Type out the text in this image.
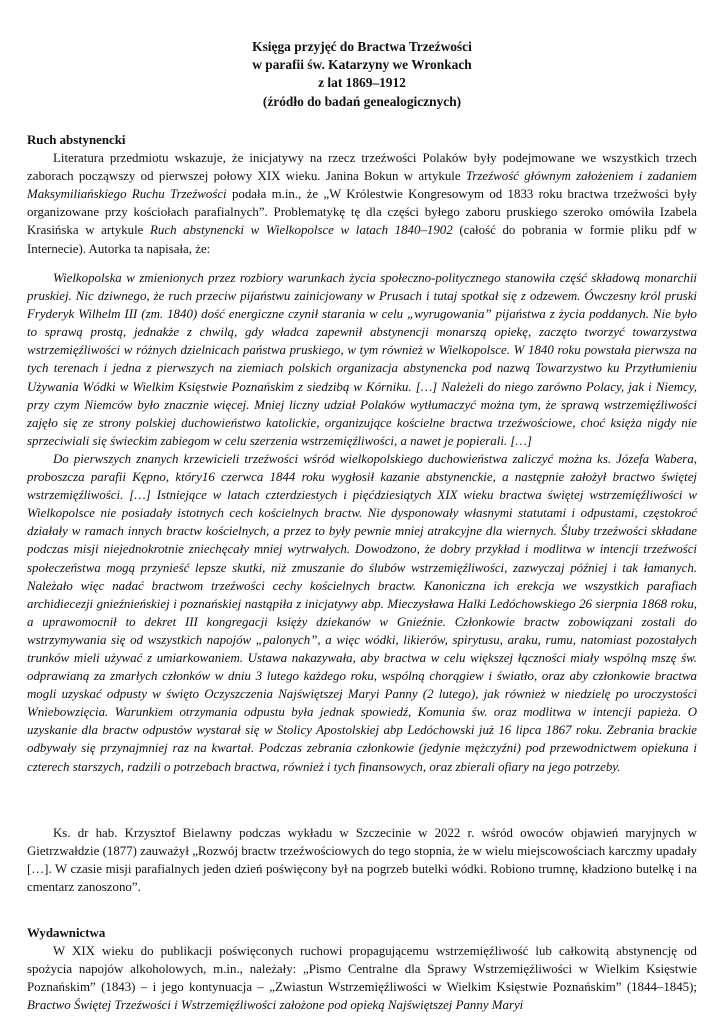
Księga przyjęć do Bractwa Trzeźwości
w parafii św. Katarzyny we Wronkach
z lat 1869–1912
(źródło do badań genealogicznych)
Ruch abstynencki
Literatura przedmiotu wskazuje, że inicjatywy na rzecz trzeźwości Polaków były podejmowane we wszystkich trzech zaborach począwszy od pierwszej połowy XIX wieku. Janina Bokun w artykule Trzeźwość głównym założeniem i zadaniem Maksymiliańskiego Ruchu Trzeźwości podała m.in., że „W Królestwie Kongresowym od 1833 roku bractwa trzeźwości były organizowane przy kościołach parafialnych”. Problematykę tę dla części byłego zaboru pruskiego szeroko omówiła Izabela Krasińska w artykule Ruch abstynencki w Wielkopolsce w latach 1840–1902 (całość do pobrania w formie pliku pdf w Internecie). Autorka ta napisała, że:
Wielkopolska w zmienionych przez rozbiory warunkach życia społeczno-politycznego stanowiła część składową monarchii pruskiej. Nic dziwnego, że ruch przeciw pijaństwu zainicjowany w Prusach i tutaj spotkał się z odzewem. Ówczesny król pruski Fryderyk Wilhelm III (zm. 1840) dość energiczne czynił starania w celu „wyrugowania” pijaństwa z życia poddanych. Nie było to sprawą prostą, jednakże z chwilą, gdy władca zapewnił abstynencji monarszą opiekę, zaczęto tworzyć towarzystwa wstrzemięźliwości w różnych dzielnicach państwa pruskiego, w tym również w Wielkopolsce. W 1840 roku powstała pierwsza na tych terenach i jedna z pierwszych na ziemiach polskich organizacja abstynencka pod nazwą Towarzystwo ku Przytłumieniu Używania Wódki w Wielkim Księstwie Poznańskim z siedzibą w Kórniku. […] Należeli do niego zarówno Polacy, jak i Niemcy, przy czym Niemców było znacznie więcej. Mniej liczny udział Polaków wytłumaczyć można tym, że sprawą wstrzemięźliwości zajęło się ze strony polskiej duchowieństwo katolickie, organizujące kościelne bractwa trzeźwościowe, choć księża nigdy nie sprzeciwiali się świeckim zabiegom w celu szerzenia wstrzemięźliwości, a nawet je popierali. […]
Do pierwszych znanych krzewicieli trzeźwości wśród wielkopolskiego duchowieństwa zaliczyć można ks. Józefa Wabera, proboszcza parafii Kępno, który16 czerwca 1844 roku wygłosił kazanie abstynenckie, a następnie założył bractwo świętej wstrzemięźliwości. […] Istniejące w latach czterdziestych i pięćdziesiątych XIX wieku bractwa świętej wstrzemięźliwości w Wielkopolsce nie posiadały istotnych cech kościelnych bractw. Nie dysponowały własnymi statutami i odpustami, częstokroć działały w ramach innych bractw kościelnych, a przez to były pewnie mniej atrakcyjne dla wiernych. Śluby trzeźwości składane podczas misji niejednokrotnie zniechęcały mniej wytrwałych. Dowodzono, że dobry przykład i modlitwa w intencji trzeźwości społeczeństwa mogą przynieść lepsze skutki, niż zmuszanie do ślubów wstrzemięźliwości, zazwyczaj później i tak łamanych. Należało więc nadać bractwom trzeźwości cechy kościelnych bractw. Kanoniczna ich erekcja we wszystkich parafiach archidiecezji gnieźnieńskiej i poznańskiej nastąpiła z inicjatywy abp. Mieczysława Halki Ledóchowskiego 26 sierpnia 1868 roku, a uprawomocnił to dekret III kongregacji księży dziekanów w Gnieźnie. Członkowie bractw zobowiązani zostali do wstrzymywania się od wszystkich napojów „palonych”, a więc wódki, likierów, spirytusu, araku, rumu, natomiast pozostałych trunków mieli używać z umiarkowaniem. Ustawa nakazywała, aby bractwa w celu większej łączności miały wspólną mszę św. odprawianą za zmarłych członków w dniu 3 lutego każdego roku, wspólną chorągiew i światło, oraz aby członkowie bractwa mogli uzyskać odpusty w święto Oczyszczenia Najświętszej Maryi Panny (2 lutego), jak również w niedzielę po uroczystości Wniebowzięcia. Warunkiem otrzymania odpustu była jednak spowiedź, Komunia św. oraz modlitwa w intencji papieża. O uzyskanie dla bractw odpustów wystarał się w Stolicy Apostolskiej abp Ledóchowski już 16 lipca 1867 roku. Zebrania brackie odbywały się przynajmniej raz na kwartał. Podczas zebrania członkowie (jedynie mężczyźni) pod przewodnictwem opiekuna i czterech starszych, radzili o potrzebach bractwa, również i tych finansowych, oraz zbierali ofiary na jego potrzeby.
Ks. dr hab. Krzysztof Bielawny podczas wykładu w Szczecinie w 2022 r. wśród owoców objawień maryjnych w Gietrzwałdzie (1877) zauważył „Rozwój bractw trzeźwościowych do tego stopnia, że w wielu miejscowościach karczmy upadały […]. W czasie misji parafialnych jeden dzień poświęcony był na pogrzeb butelki wódki. Robiono trumnę, kładziono butelkę i na cmentarz zanoszono”.
Wydawnictwa
W XIX wieku do publikacji poświęconych ruchowi propagującemu wstrzemięźliwość lub całkowitą abstynencję od spożycia napojów alkoholowych, m.in., należały: „Pismo Centralne dla Sprawy Wstrzemięźliwości w Wielkim Księstwie Poznańskim” (1843) – i jego kontynuacja – „Zwiastun Wstrzemięźliwości w Wielkim Księstwie Poznańskim” (1844–1845); Bractwo Świętej Trzeźwości i Wstrzemięźliwości założone pod opieką Najświętszej Panny Maryi
